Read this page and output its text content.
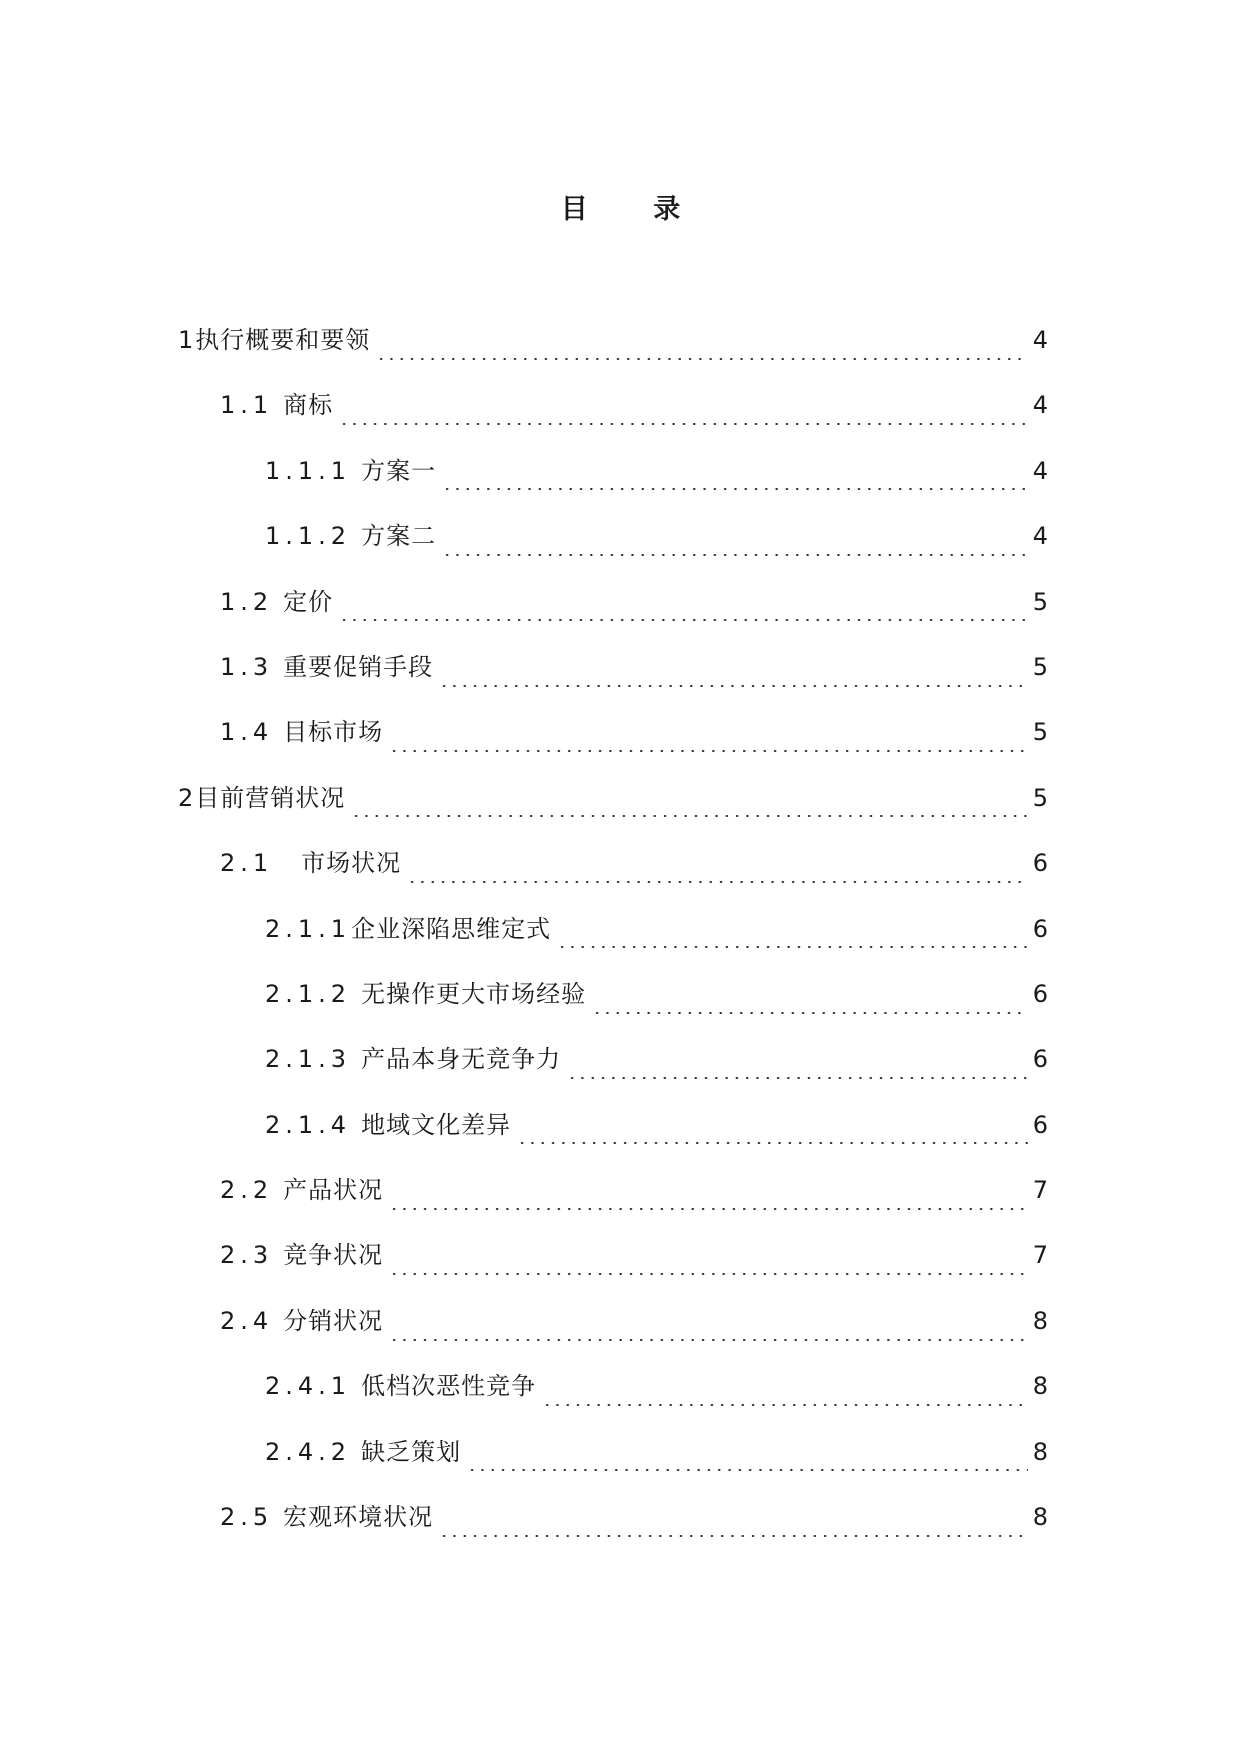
目 录
1 执行概要和要领	4
1.1 商标	4
1.1.1 方案一	4
1.1.2 方案二	4
1.2 定价	5
1.3 重要促销手段	5
1.4 目标市场	5
2 目前营销状况	5
2.1 市场状况	6
2.1.1 企业深陷思维定式	6
2.1.2 无操作更大市场经验	6
2.1.3 产品本身无竞争力	6
2.1.4 地域文化差异	6
2.2 产品状况	7
2.3 竞争状况	7
2.4 分销状况	8
2.4.1 低档次恶性竞争	8
2.4.2 缺乏策划	8
2.5 宏观环境状况	8
